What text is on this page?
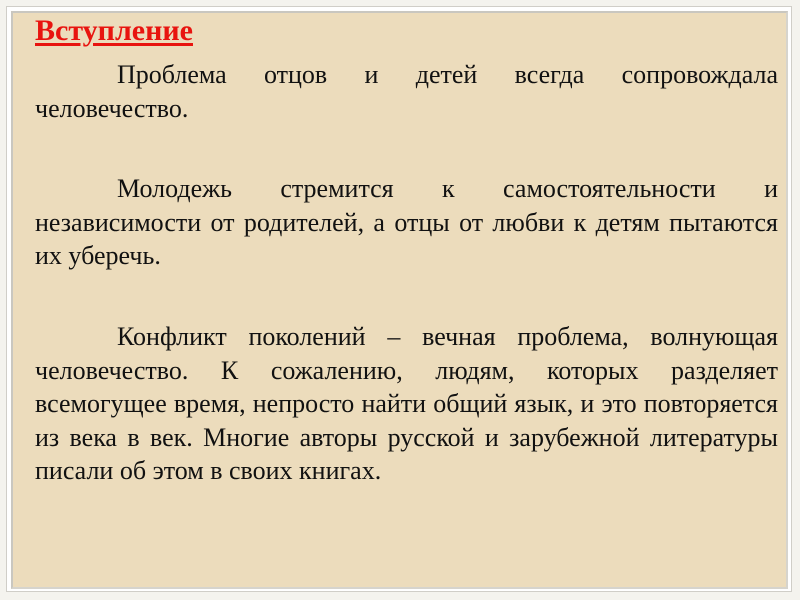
Вступление

Проблема отцов и детей всегда сопровождала человечество.

Молодежь стремится к самостоятельности и независимости от родителей, а отцы от любви к детям пытаются их уберечь.

Конфликт поколений – вечная проблема, волнующая человечество. К сожалению, людям, которых разделяет всемогущее время, непросто найти общий язык, и это повторяется из века в век. Многие авторы русской и зарубежной литературы писали об этом в своих книгах.
